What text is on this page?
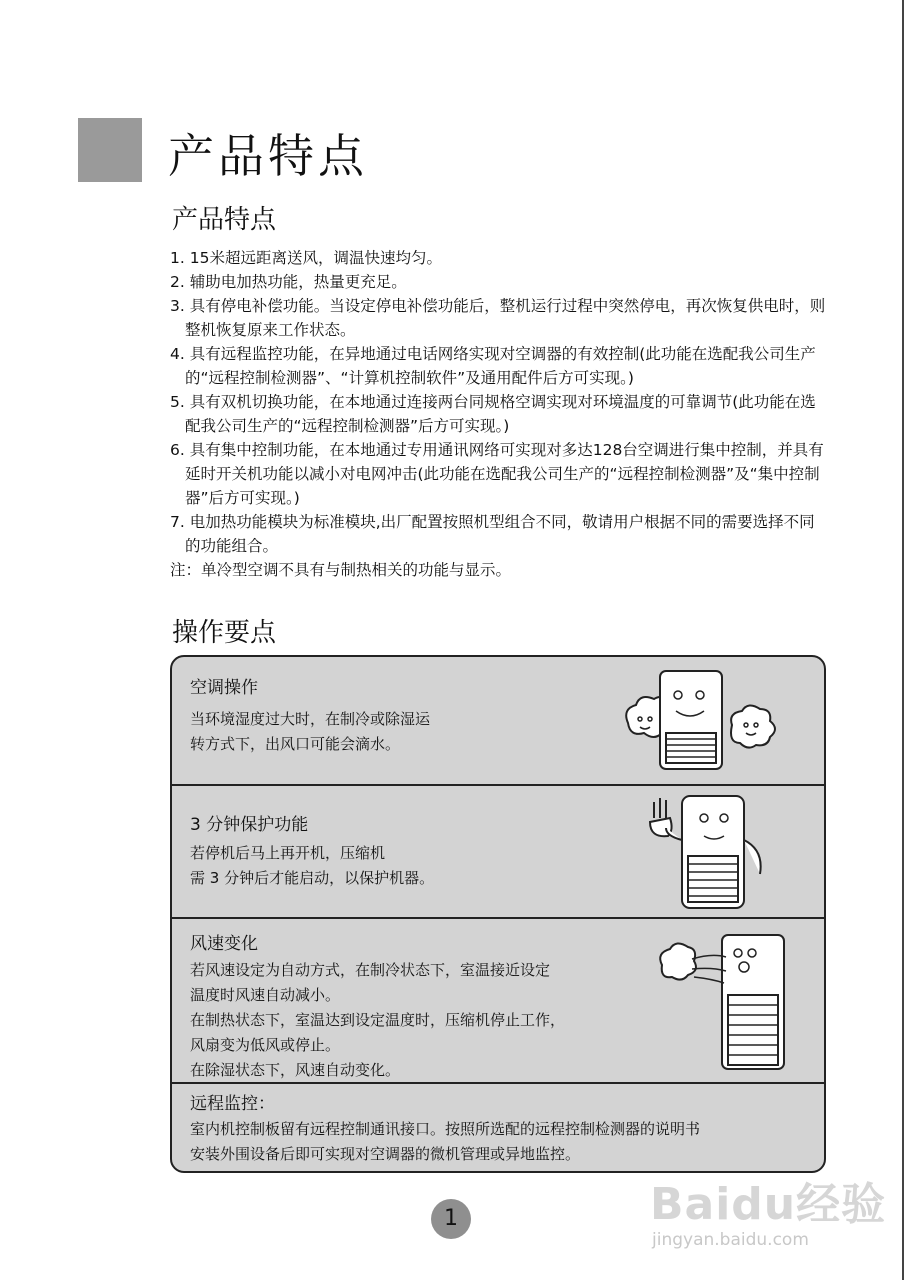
产品特点
产品特点
1. 15米超远距离送风，调温快速均匀。
2. 辅助电加热功能，热量更充足。
3. 具有停电补偿功能。当设定停电补偿功能后，整机运行过程中突然停电，再次恢复供电时，则整机恢复原来工作状态。
4. 具有远程监控功能，在异地通过电话网络实现对空调器的有效控制(此功能在选配我公司生产的“远程控制检测器”、“计算机控制软件”及通用配件后方可实现。)
5. 具有双机切换功能，在本地通过连接两台同规格空调实现对环境温度的可靠调节(此功能在选配我公司生产的“远程控制检测器”后方可实现。)
6. 具有集中控制功能，在本地通过专用通讯网络可实现对多达128台空调进行集中控制，并具有延时开关机功能以减小对电网冲击(此功能在选配我公司生产的“远程控制检测器”及“集中控制器”后方可实现。)
7. 电加热功能模块为标准模块,出厂配置按照机型组合不同，敬请用户根据不同的需要选择不同的功能组合。
注：单冷型空调不具有与制热相关的功能与显示。
操作要点
空调操作
当环境湿度过大时，在制冷或除湿运
转方式下，出风口可能会滴水。
3 分钟保护功能
若停机后马上再开机，压缩机
需 3 分钟后才能启动，以保护机器。
风速变化
若风速设定为自动方式，在制冷状态下，室温接近设定
温度时风速自动减小。
在制热状态下，室温达到设定温度时，压缩机停止工作，
风扇变为低风或停止。
在除湿状态下，风速自动变化。
远程监控：
室内机控制板留有远程控制通讯接口。按照所选配的远程控制检测器的说明书
安装外围设备后即可实现对空调器的微机管理或异地监控。
1	Baidu经验
jingyan.baidu.com
